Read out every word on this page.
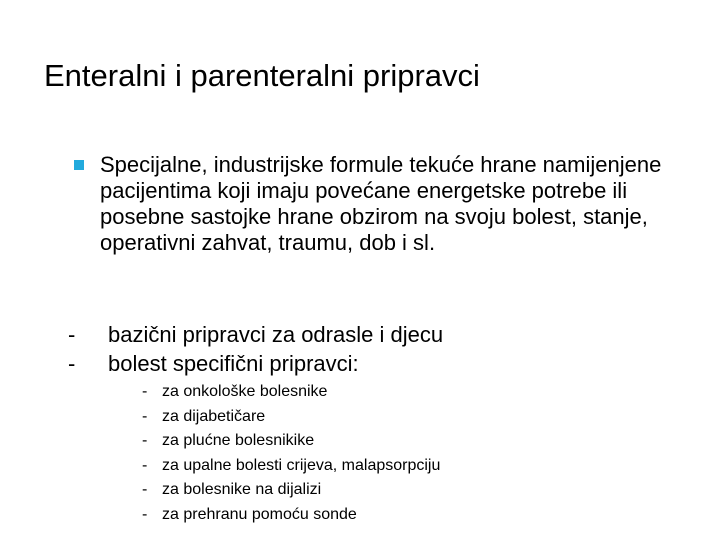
Enteralni i parenteralni pripravci
Specijalne, industrijske formule tekuće hrane namijenjene pacijentima koji imaju povećane energetske potrebe ili posebne sastojke hrane obzirom na svoju bolest, stanje, operativni zahvat, traumu, dob i sl.
- bazični pripravci za odrasle i djecu
- bolest specifični pripravci:
- za onkološke bolesnike
- za dijabetičare
- za plućne bolesnikike
- za upalne bolesti crijeva, malapsorpciju
- za bolesnike na dijalizi
- za prehranu pomoću sonde
